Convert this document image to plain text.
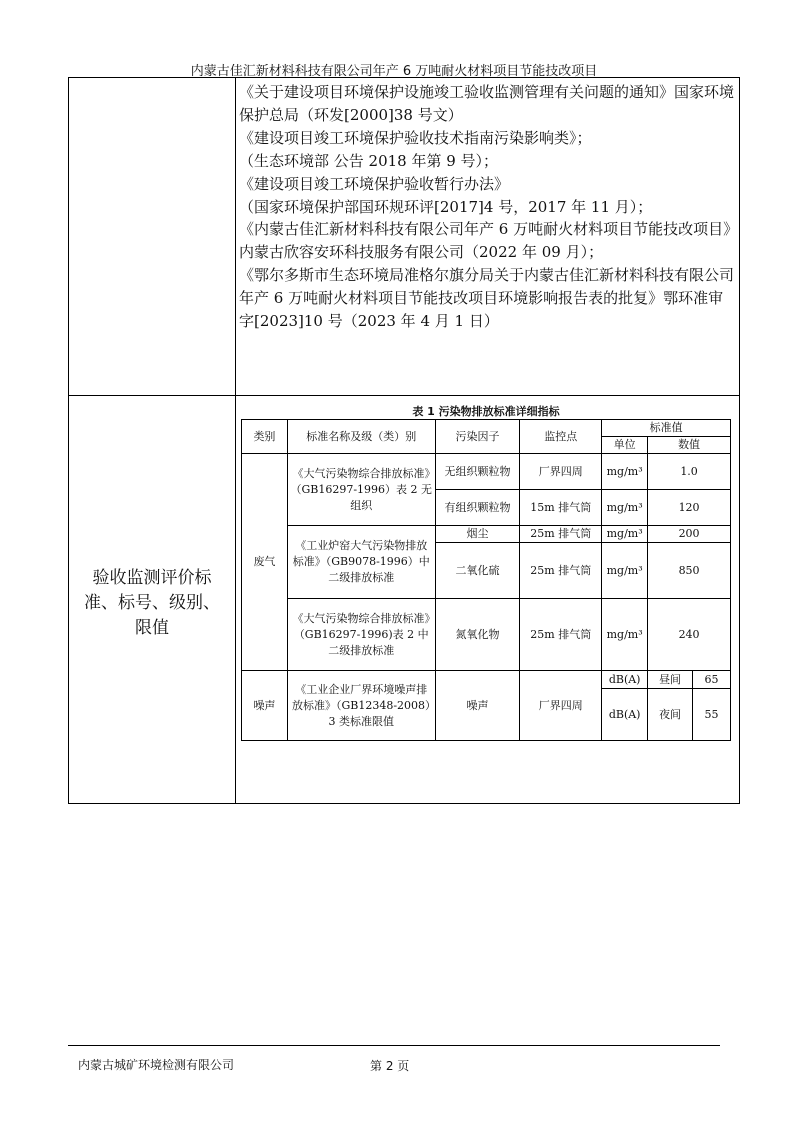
内蒙古佳汇新材料科技有限公司年产 6 万吨耐火材料项目节能技改项目

《关于建设项目环境保护设施竣工验收监测管理有关问题的通知》国家环境保护总局（环发[2000]38 号文）

《建设项目竣工环境保护验收技术指南污染影响类》；

（生态环境部 公告 2018 年第 9 号）；

《建设项目竣工环境保护验收暂行办法》

（国家环境保护部国环规环评[2017]4 号，2017 年 11 月）；

《内蒙古佳汇新材料科技有限公司年产 6 万吨耐火材料项目节能技改项目》内蒙古欣容安环科技服务有限公司（2022 年 09 月）；

《鄂尔多斯市生态环境局准格尔旗分局关于内蒙古佳汇新材料科技有限公司年产 6 万吨耐火材料项目节能技改项目环境影响报告表的批复》鄂环准审字[2023]10 号（2023 年 4 月 1 日）

验收监测评价标准、标号、级别、限值
表 1 污染物排放标准详细指标
类别	标准名称及级（类）别	污染因子	监控点	标准值		
				单位	数值	
废气	《大气污染物综合排放标准》（GB16297-1996）表 2 无组织	无组织颗粒物	厂界四周	mg/m³	1.0	
		有组织颗粒物	15m 排气筒	mg/m³	120	
	《工业炉窑大气污染物排放标准》（GB9078-1996）中二级排放标准	烟尘	25m 排气筒	mg/m³	200	
		二氧化硫	25m 排气筒	mg/m³	850	
	《大气污染物综合排放标准》（GB16297-1996)表 2 中二级排放标准	氮氧化物	25m 排气筒	mg/m³	240	
噪声	《工业企业厂界环境噪声排放标准》（GB12348-2008）3 类标准限值	噪声	厂界四周	dB(A)	昼间	65
				dB(A)	夜间	55
内蒙古城矿环境检测有限公司	第 2 页
